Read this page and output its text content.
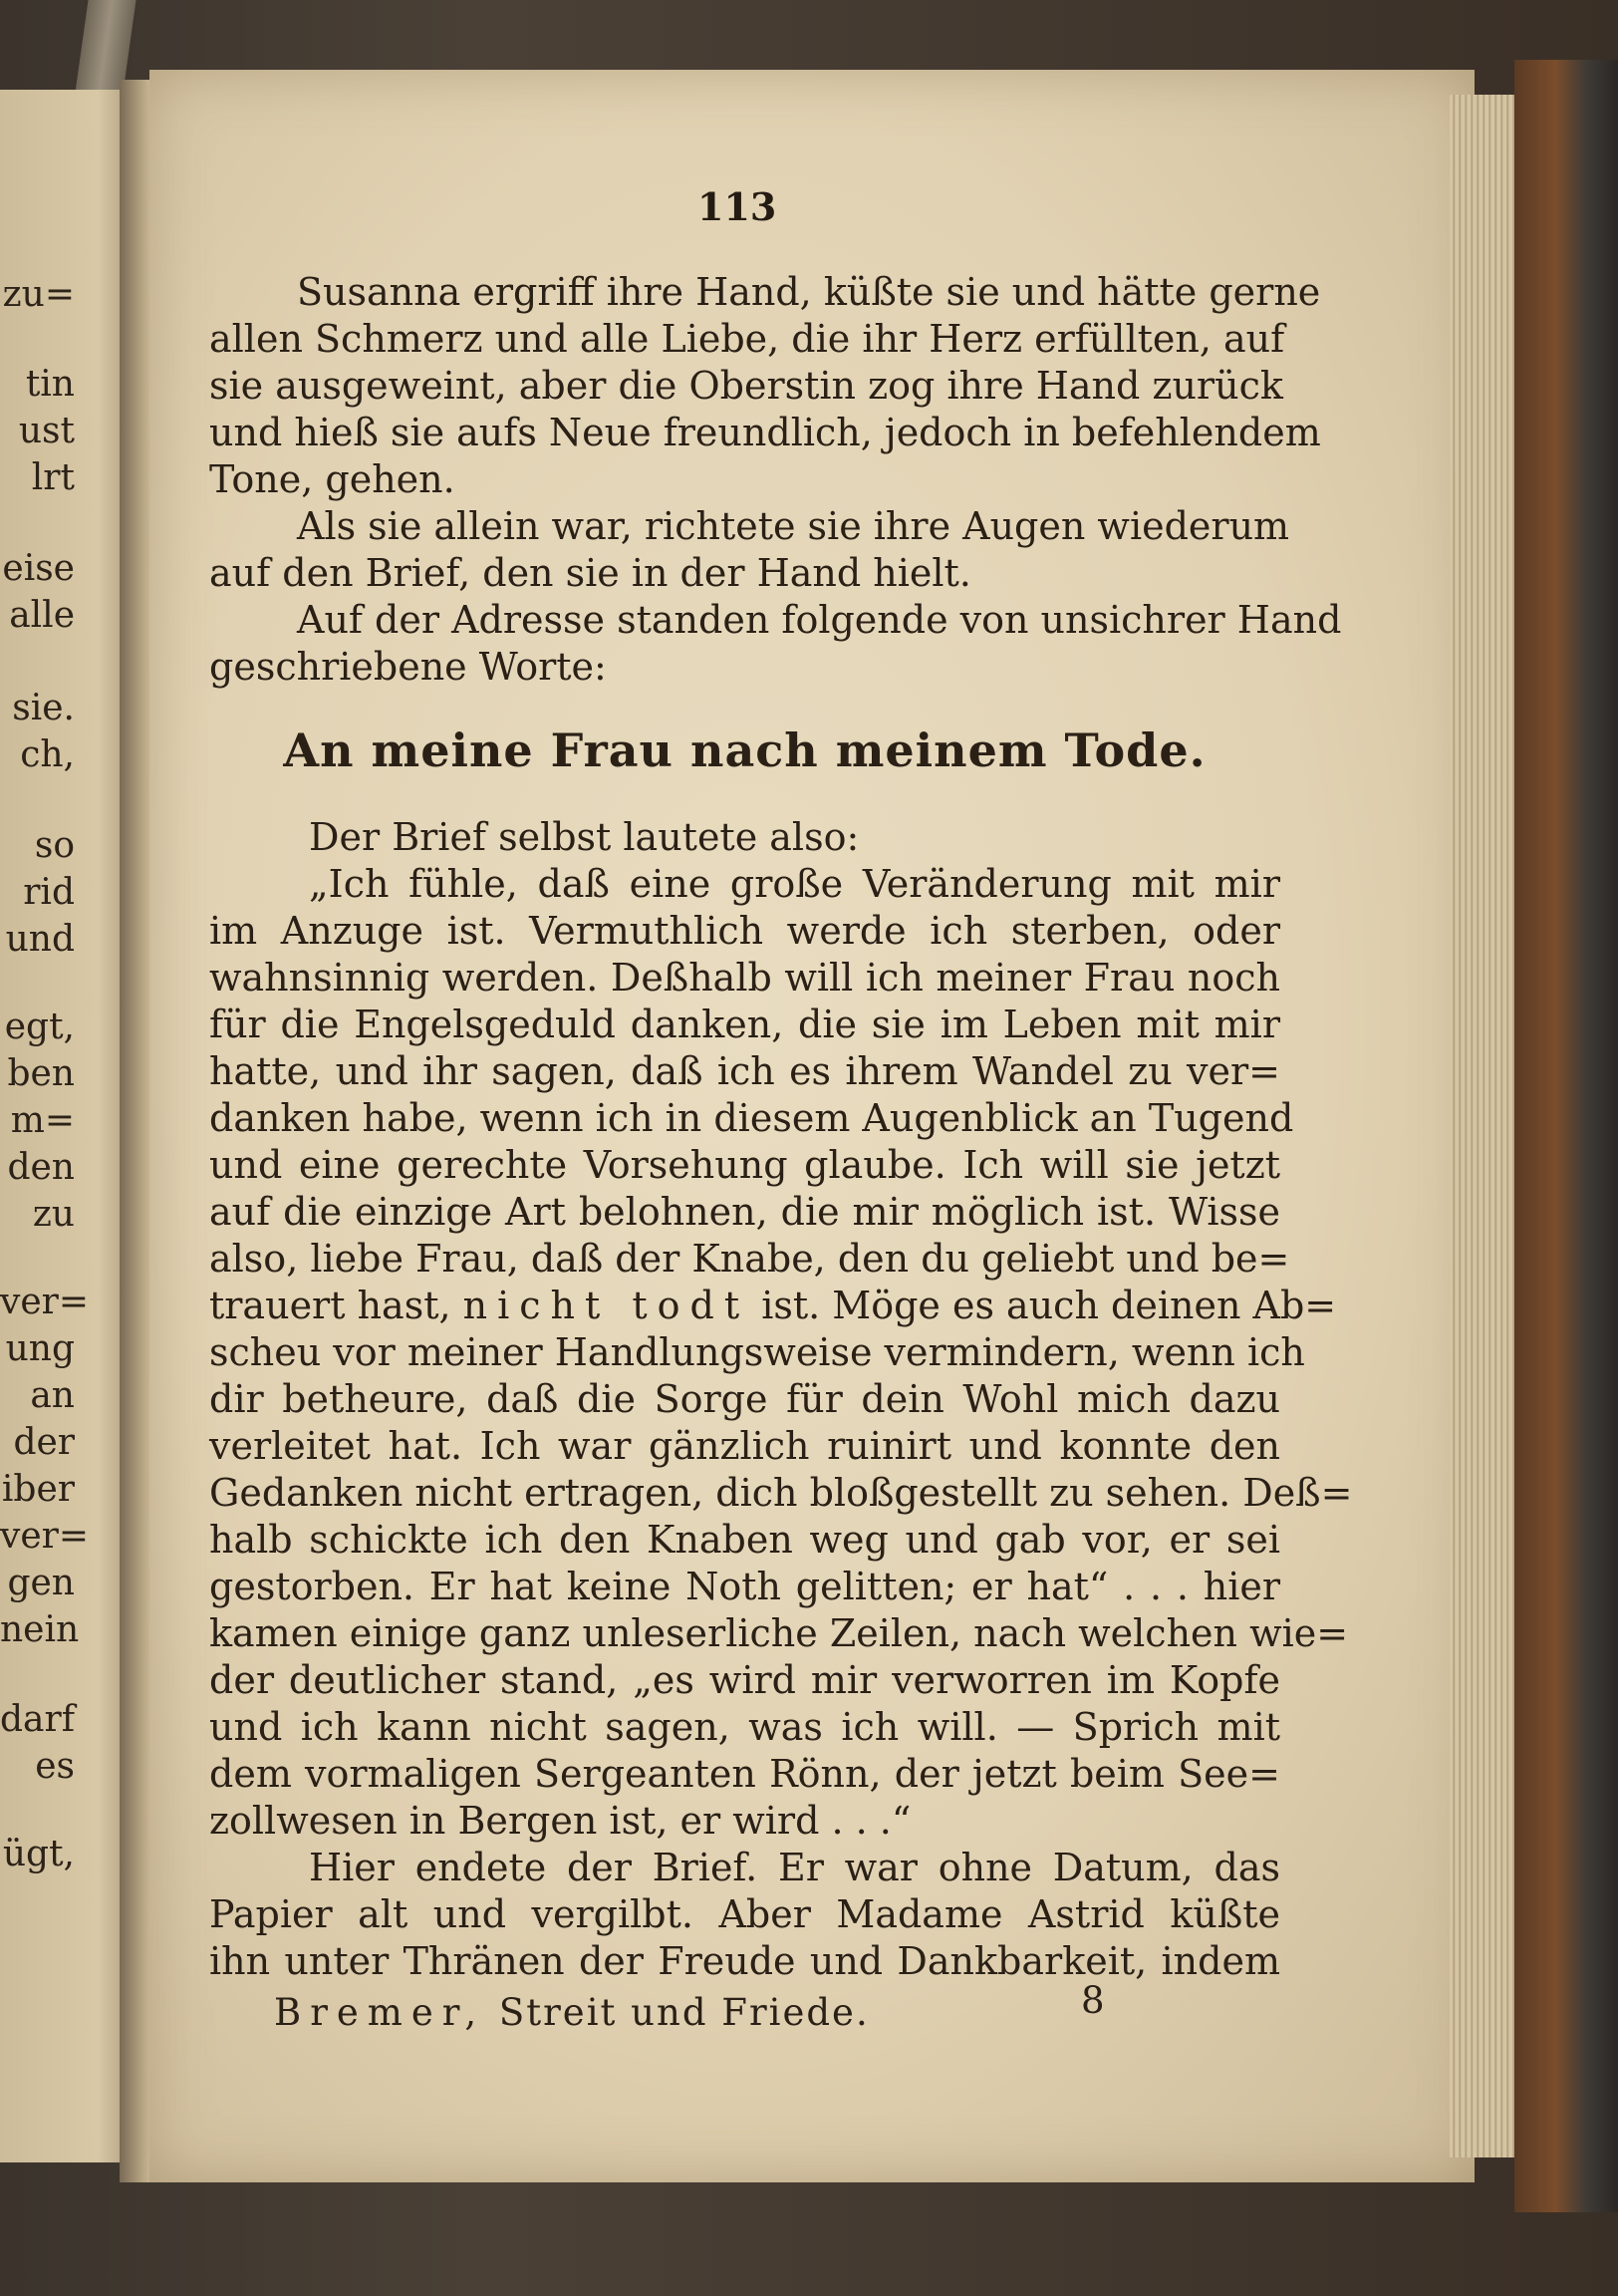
zu=
tin
ust
lrt
eise
alle
sie.
ch,
so
rid
und
egt,
ben
m=
den
zu
ver=
ung
an
der
iber
ver=
gen
nein
darf
es
ügt,
113
Susanna ergriff ihre Hand, küßte sie und hätte gerne
allen Schmerz und alle Liebe, die ihr Herz erfüllten, auf
sie ausgeweint, aber die Oberstin zog ihre Hand zurück
und hieß sie aufs Neue freundlich, jedoch in befehlendem
Tone, gehen.
Als sie allein war, richtete sie ihre Augen wiederum
auf den Brief, den sie in der Hand hielt.
Auf der Adresse standen folgende von unsichrer Hand
geschriebene Worte:
An meine Frau nach meinem Tode.
Der Brief selbst lautete also:
„Ich fühle, daß eine große Veränderung mit mir
im Anzuge ist. Vermuthlich werde ich sterben, oder
wahnsinnig werden. Deßhalb will ich meiner Frau noch
für die Engelsgeduld danken, die sie im Leben mit mir
hatte, und ihr sagen, daß ich es ihrem Wandel zu ver=
danken habe, wenn ich in diesem Augenblick an Tugend
und eine gerechte Vorsehung glaube. Ich will sie jetzt
auf die einzige Art belohnen, die mir möglich ist. Wisse
also, liebe Frau, daß der Knabe, den du geliebt und be=
trauert hast, nicht todt ist. Möge es auch deinen Ab=
scheu vor meiner Handlungsweise vermindern, wenn ich
dir betheure, daß die Sorge für dein Wohl mich dazu
verleitet hat. Ich war gänzlich ruinirt und konnte den
Gedanken nicht ertragen, dich bloßgestellt zu sehen. Deß=
halb schickte ich den Knaben weg und gab vor, er sei
gestorben. Er hat keine Noth gelitten; er hat“ . . . hier
kamen einige ganz unleserliche Zeilen, nach welchen wie=
der deutlicher stand, „es wird mir verworren im Kopfe
und ich kann nicht sagen, was ich will. — Sprich mit
dem vormaligen Sergeanten Rönn, der jetzt beim See=
zollwesen in Bergen ist, er wird . . .“
Hier endete der Brief. Er war ohne Datum, das
Papier alt und vergilbt. Aber Madame Astrid küßte
ihn unter Thränen der Freude und Dankbarkeit, indem
Bremer, Streit und Friede.	8
